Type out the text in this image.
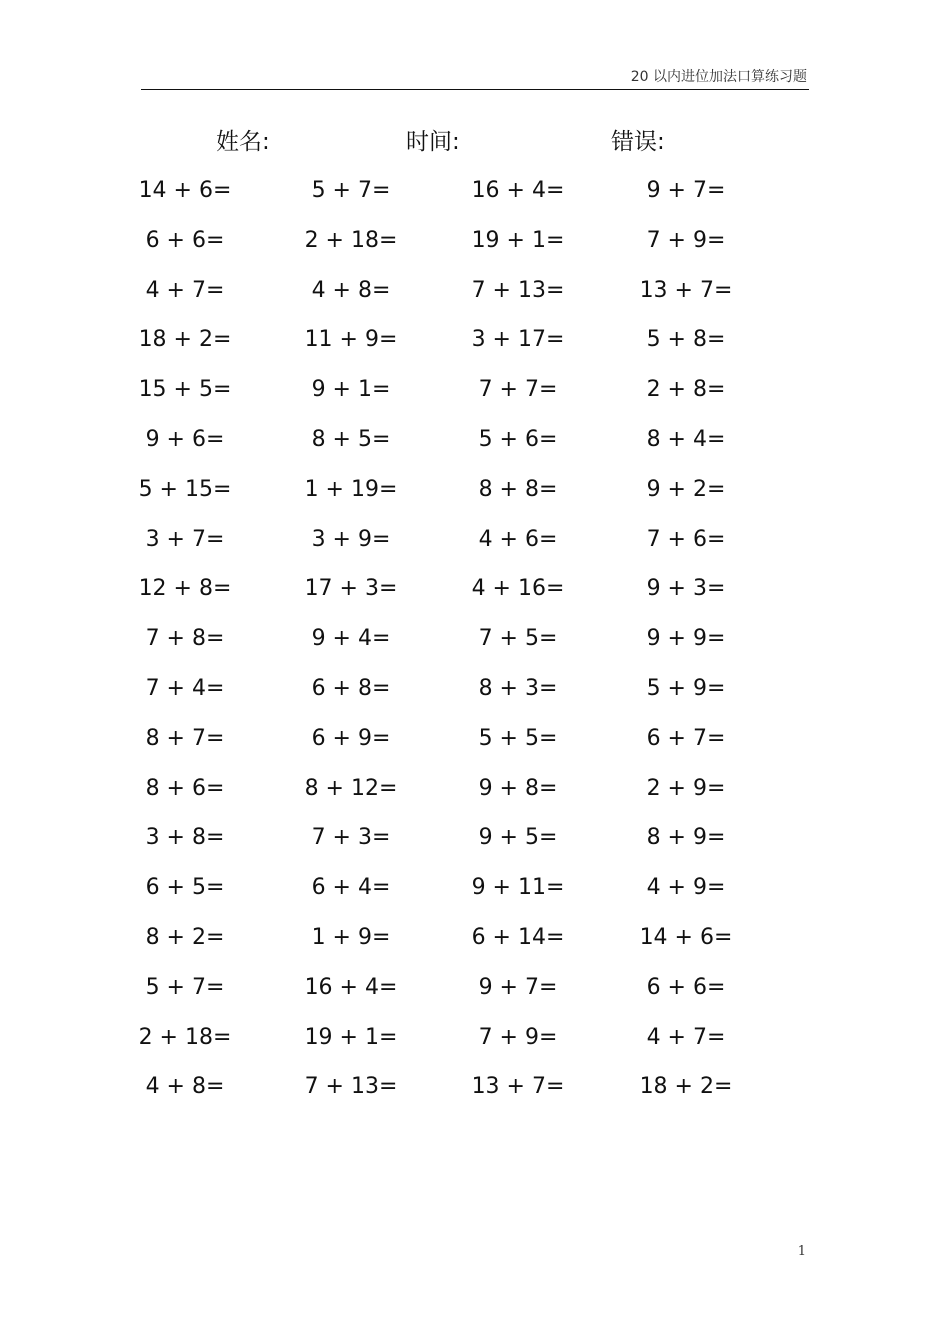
20 以内进位加法口算练习题
姓名:	时间:	错误:
14 + 6=	5 + 7=	16 + 4=	9 + 7=
6 + 6=	2 + 18=	19 + 1=	7 + 9=
4 + 7=	4 + 8=	7 + 13=	13 + 7=
18 + 2=	11 + 9=	3 + 17=	5 + 8=
15 + 5=	9 + 1=	7 + 7=	2 + 8=
9 + 6=	8 + 5=	5 + 6=	8 + 4=
5 + 15=	1 + 19=	8 + 8=	9 + 2=
3 + 7=	3 + 9=	4 + 6=	7 + 6=
12 + 8=	17 + 3=	4 + 16=	9 + 3=
7 + 8=	9 + 4=	7 + 5=	9 + 9=
7 + 4=	6 + 8=	8 + 3=	5 + 9=
8 + 7=	6 + 9=	5 + 5=	6 + 7=
8 + 6=	8 + 12=	9 + 8=	2 + 9=
3 + 8=	7 + 3=	9 + 5=	8 + 9=
6 + 5=	6 + 4=	9 + 11=	4 + 9=
8 + 2=	1 + 9=	6 + 14=	14 + 6=
5 + 7=	16 + 4=	9 + 7=	6 + 6=
2 + 18=	19 + 1=	7 + 9=	4 + 7=
4 + 8=	7 + 13=	13 + 7=	18 + 2=
1
